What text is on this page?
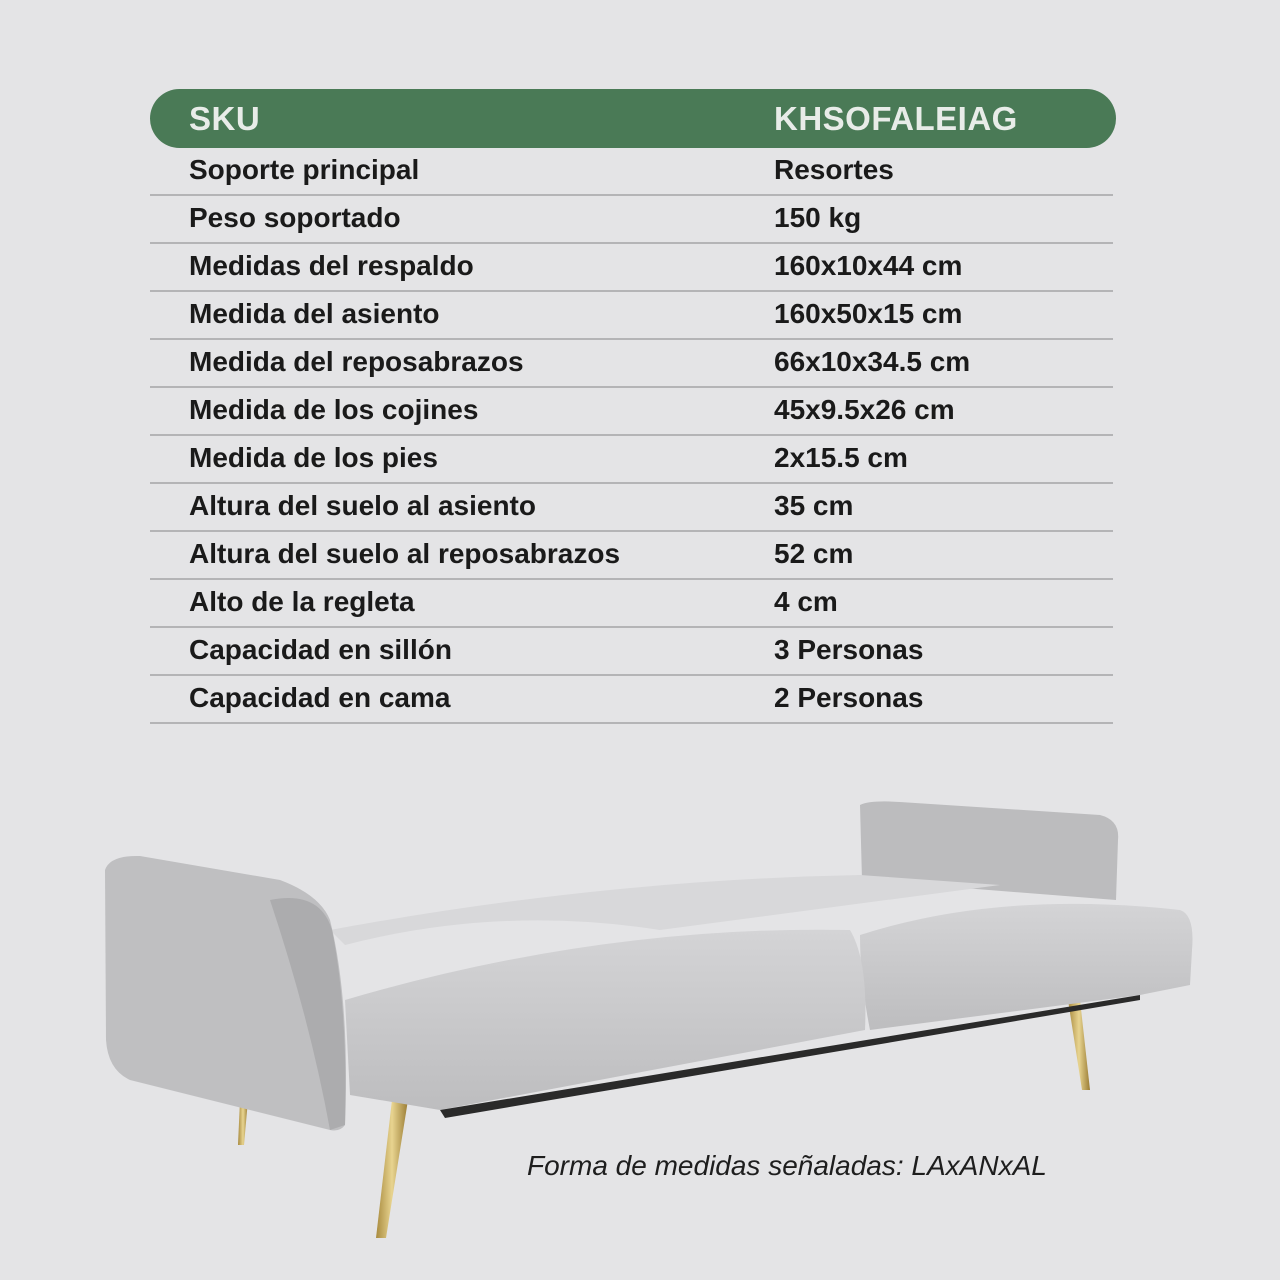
SKU	KHSOFALEIAG
Soporte principal	Resortes
Peso soportado	150 kg
Medidas del respaldo	160x10x44 cm
Medida del asiento	160x50x15 cm
Medida del reposabrazos	66x10x34.5 cm
Medida de los cojines	45x9.5x26 cm
Medida de los pies	2x15.5 cm
Altura del suelo al asiento	35 cm
Altura del suelo al reposabrazos	52 cm
Alto de la regleta	4 cm
Capacidad en sillón	3 Personas
Capacidad en cama	2 Personas
Forma de medidas señaladas: LAxANxAL
